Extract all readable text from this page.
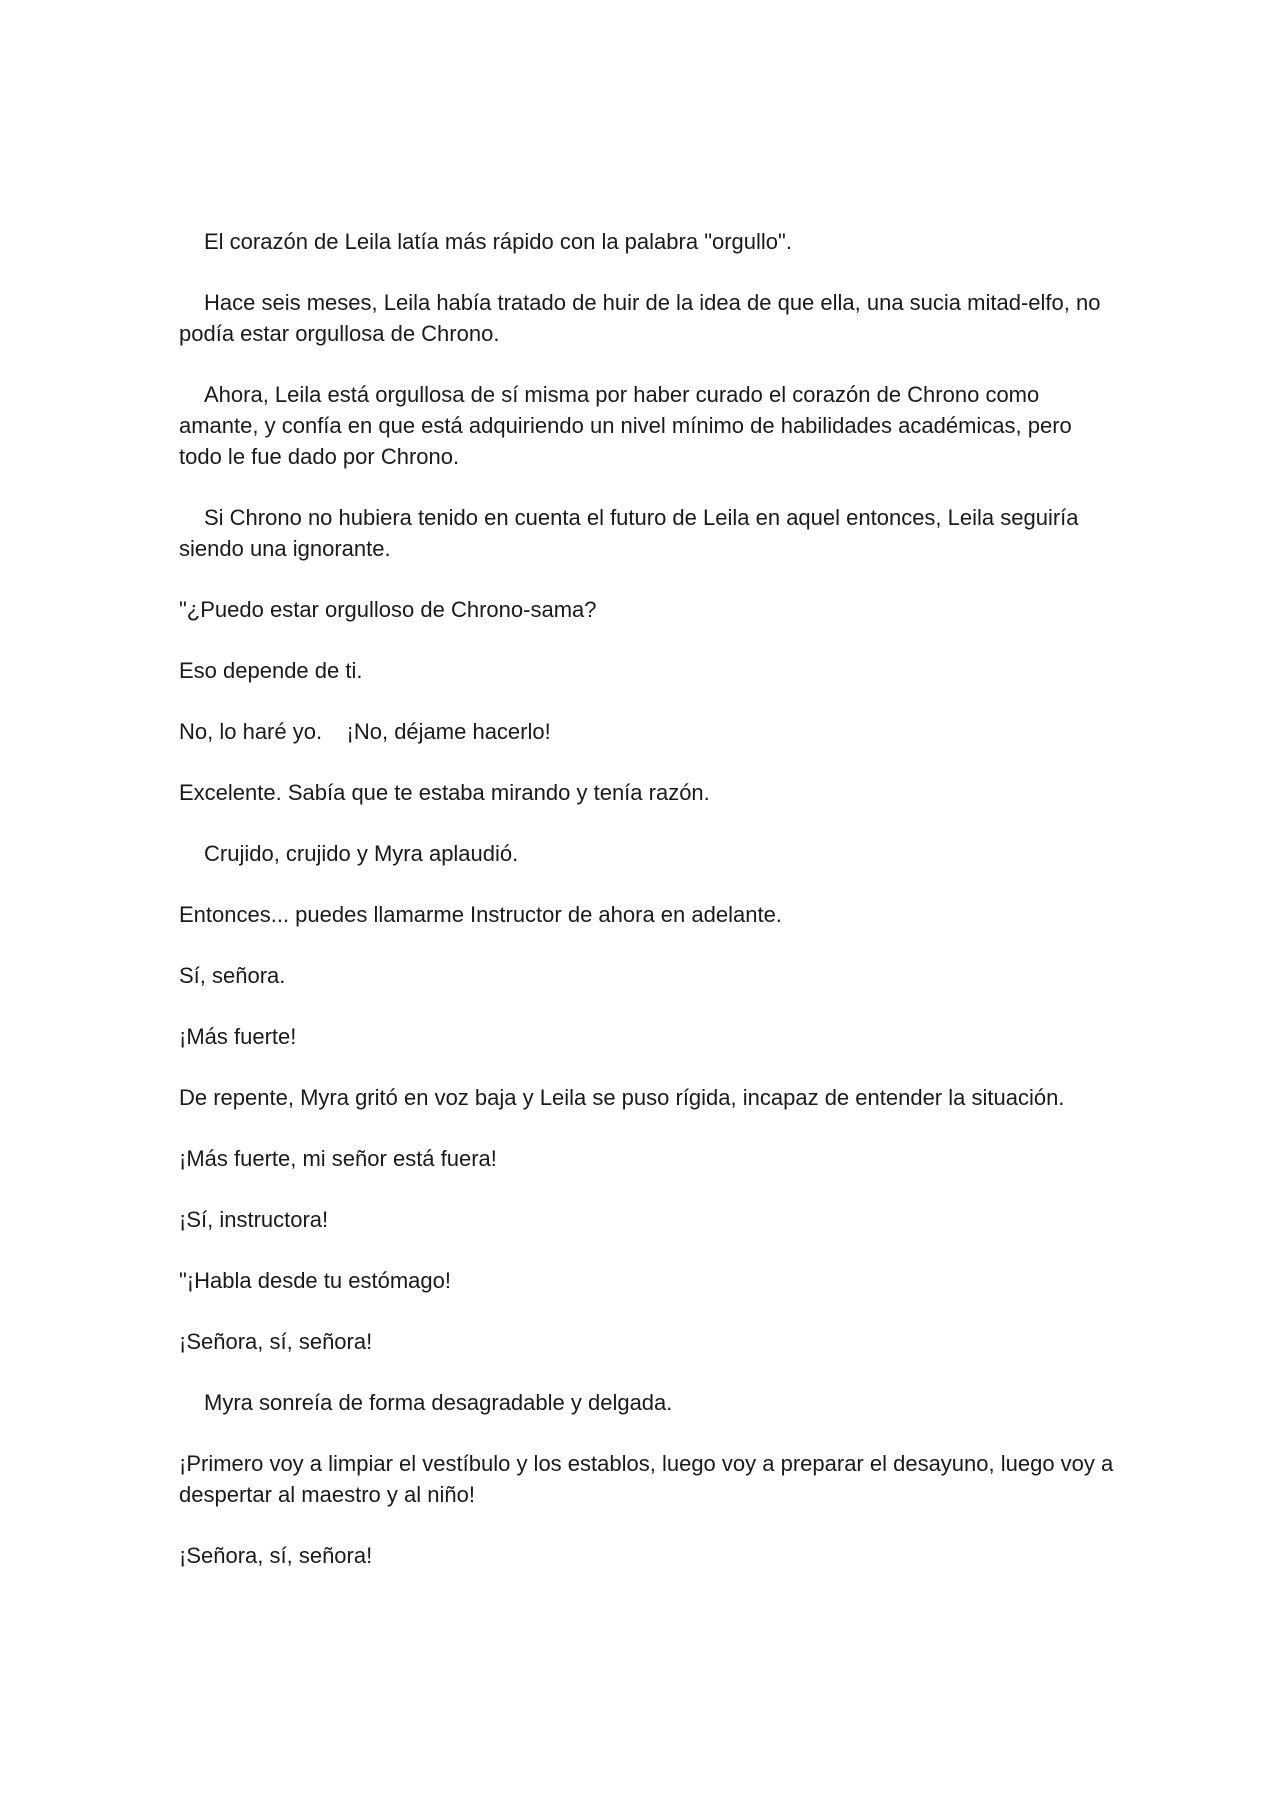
El corazón de Leila latía más rápido con la palabra "orgullo".

Hace seis meses, Leila había tratado de huir de la idea de que ella, una sucia mitad-elfo, no podía estar orgullosa de Chrono.

Ahora, Leila está orgullosa de sí misma por haber curado el corazón de Chrono como amante, y confía en que está adquiriendo un nivel mínimo de habilidades académicas, pero todo le fue dado por Chrono.

Si Chrono no hubiera tenido en cuenta el futuro de Leila en aquel entonces, Leila seguiría siendo una ignorante.

"¿Puedo estar orgulloso de Chrono-sama?

Eso depende de ti.

No, lo haré yo.    ¡No, déjame hacerlo!

Excelente. Sabía que te estaba mirando y tenía razón.

Crujido, crujido y Myra aplaudió.

Entonces... puedes llamarme Instructor de ahora en adelante.

Sí, señora.

¡Más fuerte!

De repente, Myra gritó en voz baja y Leila se puso rígida, incapaz de entender la situación.

¡Más fuerte, mi señor está fuera!

¡Sí, instructora!

"¡Habla desde tu estómago!

¡Señora, sí, señora!

Myra sonreía de forma desagradable y delgada.

¡Primero voy a limpiar el vestíbulo y los establos, luego voy a preparar el desayuno, luego voy a despertar al maestro y al niño!

¡Señora, sí, señora!
